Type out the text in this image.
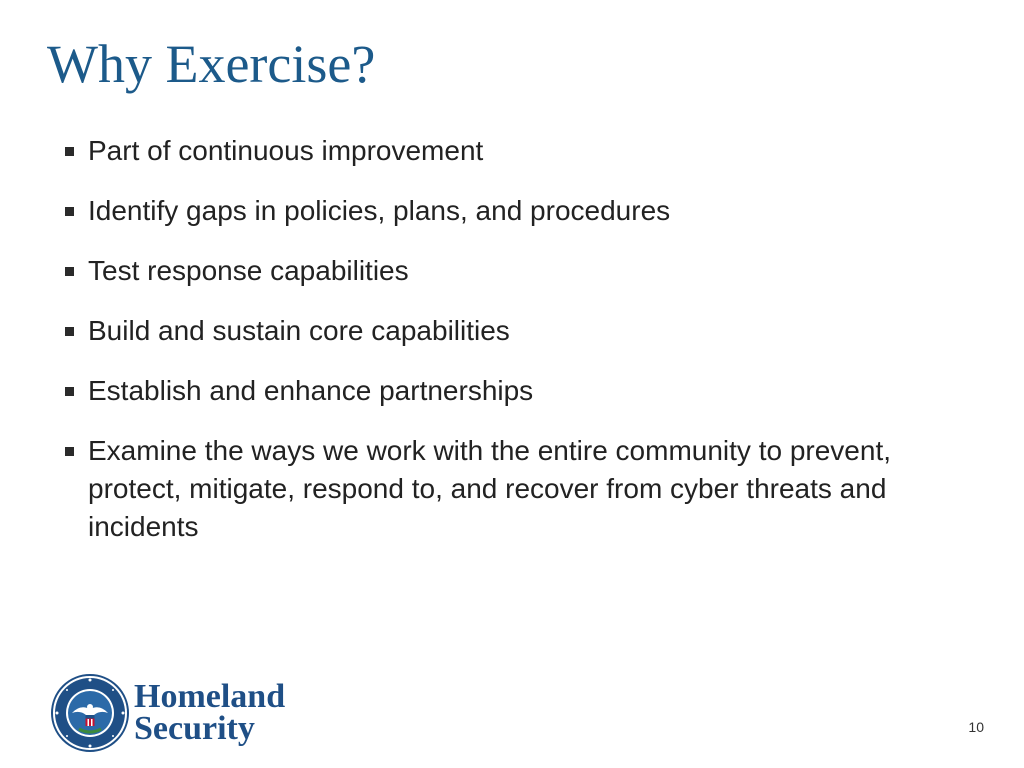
Why Exercise?
Part of continuous improvement
Identify gaps in policies, plans, and procedures
Test response capabilities
Build and sustain core capabilities
Establish and enhance partnerships
Examine the ways we work with the entire community to prevent, protect, mitigate, respond to, and recover from cyber threats and incidents
Homeland
Security	10
